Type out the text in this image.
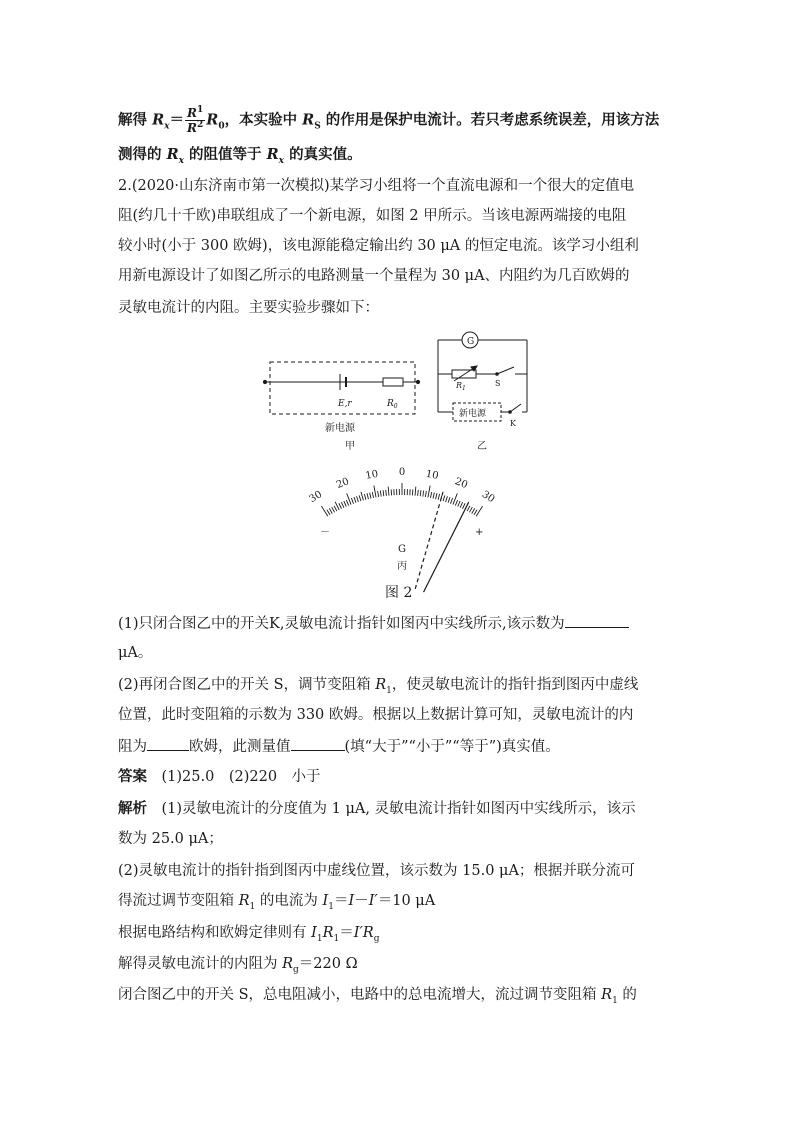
解得 $R_x= \frac{R^1}{R^2} R_0$，本实验中 $R_S$ 的作用是保护电流计。若只考虑系统误差，用该方法
测得的 $R_x$ 的阻值等于 $R_x$ 的真实值。
2.(2020·山东济南市第一次模拟)某学习小组将一个直流电源和一个很大的定值电
阻(约几十千欧)串联组成了一个新电源，如图 2 甲所示。当该电源两端接的电阻
较小时(小于 300 欧姆)，该电源能稳定输出约 30 μA 的恒定电流。该学习小组利
用新电源设计了如图乙所示的电路测量一个量程为 30 μA、内阻约为几百欧姆的
灵敏电流计的内阻。主要实验步骤如下：
E,r	$R_0$
新电源
甲
G
$R_1$
S
新电源
K
乙
30
20
10 0 10
20
30
－	+
G
丙
图 2
(1)只闭合图乙中的开关K,灵敏电流计指针如图丙中实线所示,该示数为
μA。
(2)再闭合图乙中的开关 S，调节变阻箱 $R_1$，使灵敏电流计的指针指到图丙中虚线
位置，此时变阻箱的示数为 330 欧姆。根据以上数据计算可知，灵敏电流计的内
阻为	欧姆，此测量值	(填“大于”“小于”“等于”)真实值。
答案　 (1)25.0　(2)220　小于
解析　 (1)灵敏电流计的分度值为 1 μA, 灵敏电流计指针如图丙中实线所示，该示
数为 25.0 μA；
(2)灵敏电流计的指针指到图丙中虚线位置，该示数为 15.0 μA；根据并联分流可
得流过调节变阻箱 $R_1$ 的电流为 $I_1=I-I'=10$ μA
根据电路结构和欧姆定律则有 $I_1R_1=I'R_g$
解得灵敏电流计的内阻为 $R_g=220$ Ω
闭合图乙中的开关 S，总电阻减小，电路中的总电流增大，流过调节变阻箱 $R_1$ 的
